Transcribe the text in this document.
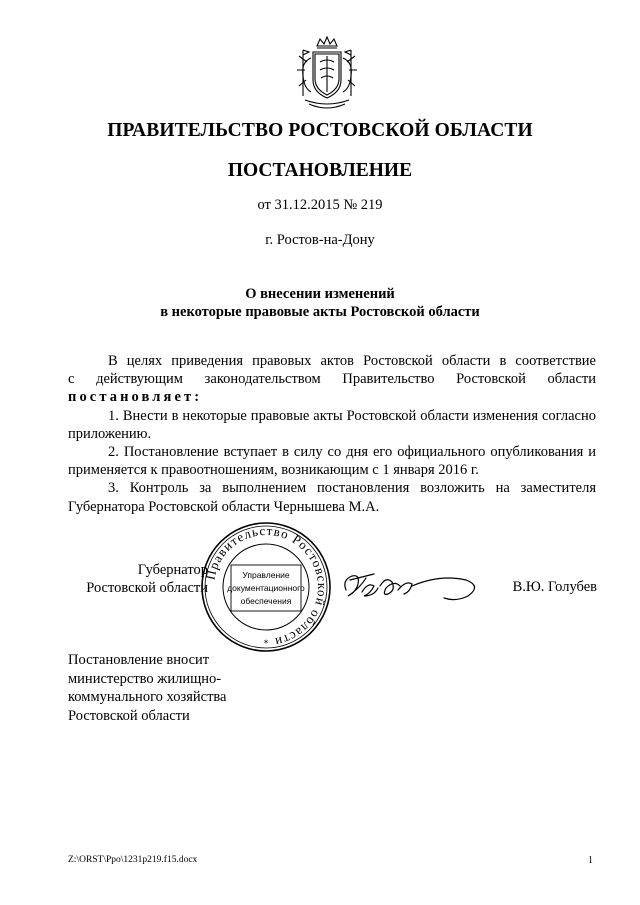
ПРАВИТЕЛЬСТВО РОСТОВСКОЙ ОБЛАСТИ
ПОСТАНОВЛЕНИЕ
от 31.12.2015 № 219
г. Ростов-на-Дону
О внесении изменений
в некоторые правовые акты Ростовской области

В целях приведения правовых актов Ростовской области в соответствие

с действующим законодательством Правительство Ростовской области

постановляет:

1. Внести в некоторые правовые акты Ростовской области изменения согласно приложению.

2. Постановление вступает в силу со дня его официального опубликования и применяется к правоотношениям, возникающим с 1 января 2016 г.

3. Контроль за выполнением постановления возложить на заместителя Губернатора Ростовской области Чернышева М.А.

Губернатор
Ростовской области
Правительство Ростовской области
*
Управление
документационного
обеспечения
В.Ю. Голубев
Постановление вносит
министерство жилищно-
коммунального хозяйства
Ростовской области
Z:\ORST\Ppo\1231p219.f15.docx	1
